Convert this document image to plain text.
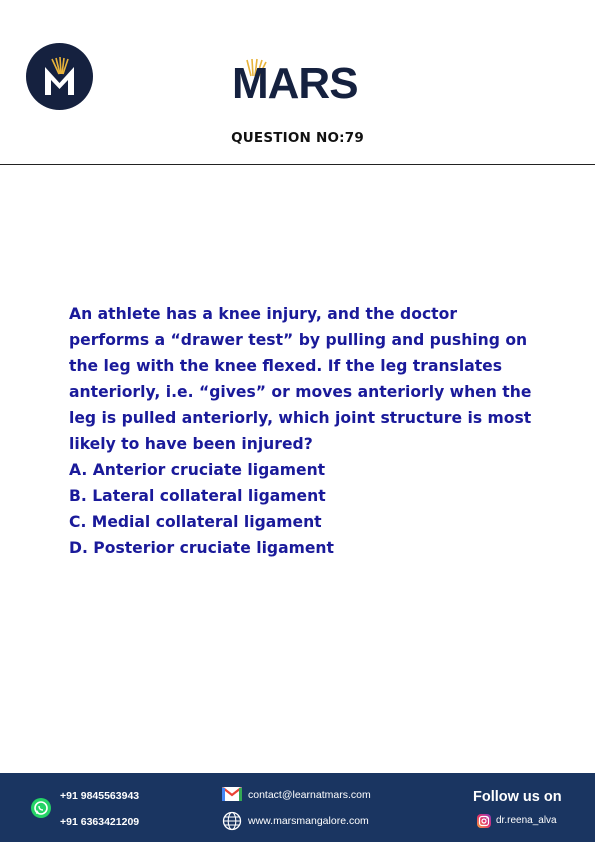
MARS
QUESTION NO:79

An athlete has a knee injury, and the doctor performs a “drawer test” by pulling and pushing on the leg with the knee flexed. If the leg translates anteriorly, i.e. “gives” or moves anteriorly when the leg is pulled anteriorly, which joint structure is most likely to have been injured?

A. Anterior cruciate ligament
B. Lateral collateral ligament
C. Medial collateral ligament
D. Posterior cruciate ligament
+91 9845563943
+91 6363421209
contact@learnatmars.com
www.marsmangalore.com
Follow us on
dr.reena_alva
